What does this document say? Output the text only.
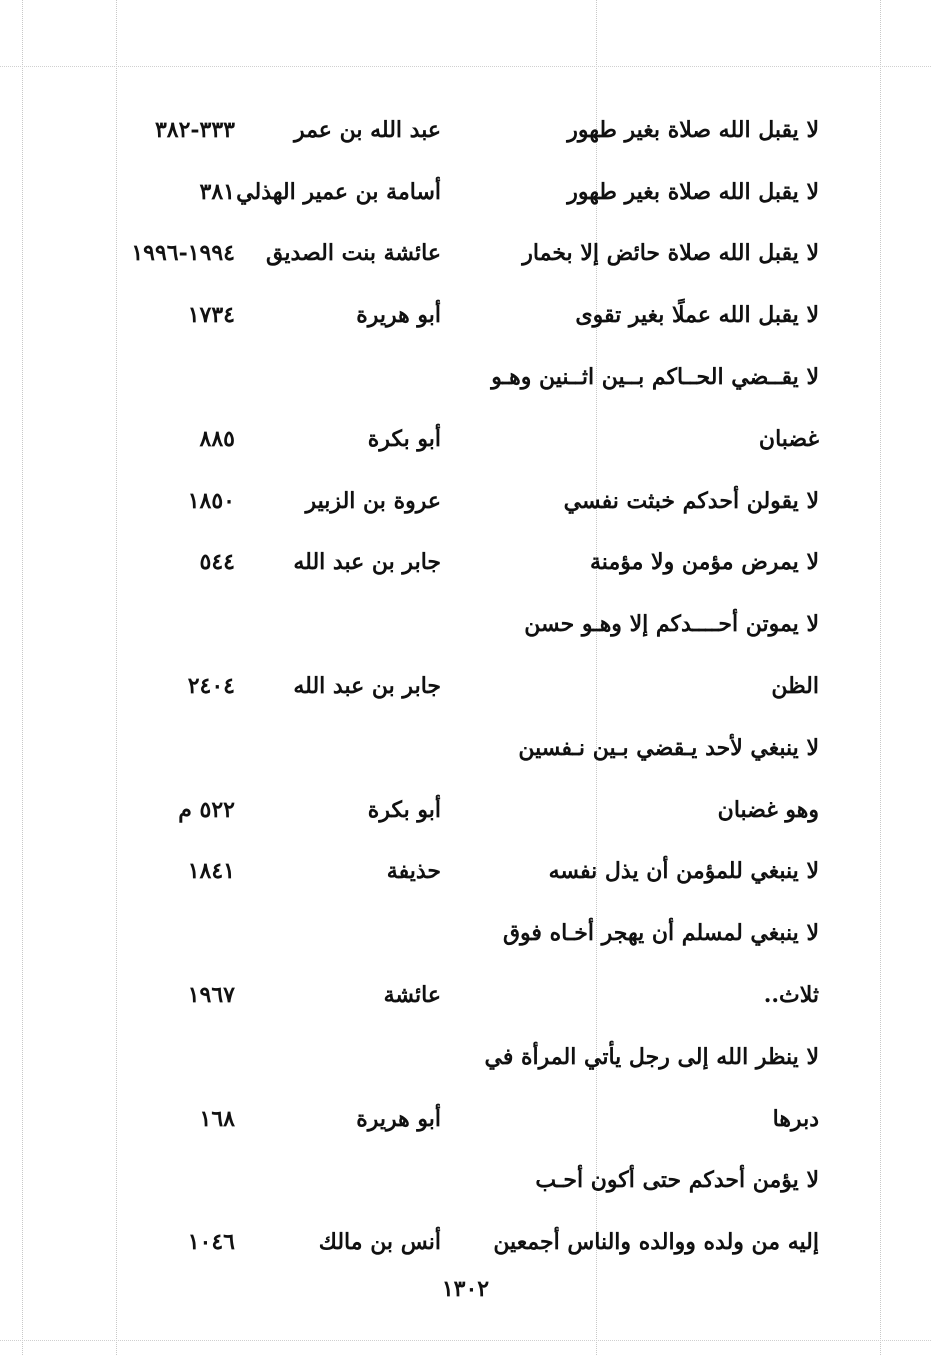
لا يقبل الله صلاة بغير طهور
عبد الله بن عمر
٣٣٣-٣٨٢
لا يقبل الله صلاة بغير طهور
أسامة بن عمير الهذلي
٣٨١
لا يقبل الله صلاة حائض إلا بخمار
عائشة بنت الصديق
١٩٩٤-١٩٩٦
لا يقبل الله عملًا بغير تقوى
أبو هريرة
١٧٣٤
لا يقــضي الحــاكم بــين اثــنين وهـو
غضبان
أبو بكرة
٨٨٥
لا يقولن أحدكم خبثت نفسي
عروة بن الزبير
١٨٥٠
لا يمرض مؤمن ولا مؤمنة
جابر بن عبد الله
٥٤٤
لا يموتن أحــــدكم إلا وهـو حسن
الظن
جابر بن عبد الله
٢٤٠٤
لا ينبغي لأحد يـقضي بـين نـفسين
وهو غضبان
أبو بكرة
٥٢٢ م
لا ينبغي للمؤمن أن يذل نفسه
حذيفة
١٨٤١
لا ينبغي لمسلم أن يهجر أخـاه فوق
ثلاث..
عائشة
١٩٦٧
لا ينظر الله إلى رجل يأتي المرأة في
دبرها
أبو هريرة
١٦٨
لا يؤمن أحدكم حتى أكون أحـب
إليه من ولده ووالده والناس أجمعين
أنس بن مالك
١٠٤٦
١٣٠٢
